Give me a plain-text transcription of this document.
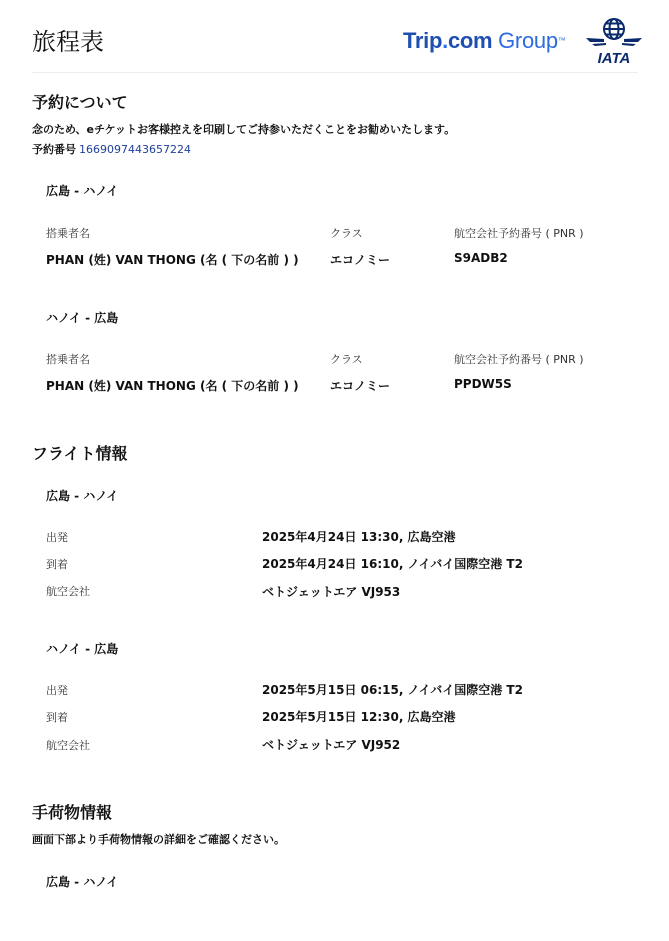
旅程表	Trip.com Group™
IATA
予約について
念のため、eチケットお客様控えを印刷してご持参いただくことをお勧めいたします。
予約番号 1669097443657224
広島 - ハノイ
搭乗者名	クラス	航空会社予約番号 ( PNR )
PHAN (姓) VAN THONG (名 ( 下の名前 ) )	エコノミー	S9ADB2
ハノイ - 広島
搭乗者名	クラス	航空会社予約番号 ( PNR )
PHAN (姓) VAN THONG (名 ( 下の名前 ) )	エコノミー	PPDW5S
フライト情報
広島 - ハノイ
出発	2025年4月24日 13:30, 広島空港
到着	2025年4月24日 16:10, ノイバイ国際空港 T2
航空会社	ベトジェットエア VJ953
ハノイ - 広島
出発	2025年5月15日 06:15, ノイバイ国際空港 T2
到着	2025年5月15日 12:30, 広島空港
航空会社	ベトジェットエア VJ952
手荷物情報
画面下部より手荷物情報の詳細をご確認ください。
広島 - ハノイ
